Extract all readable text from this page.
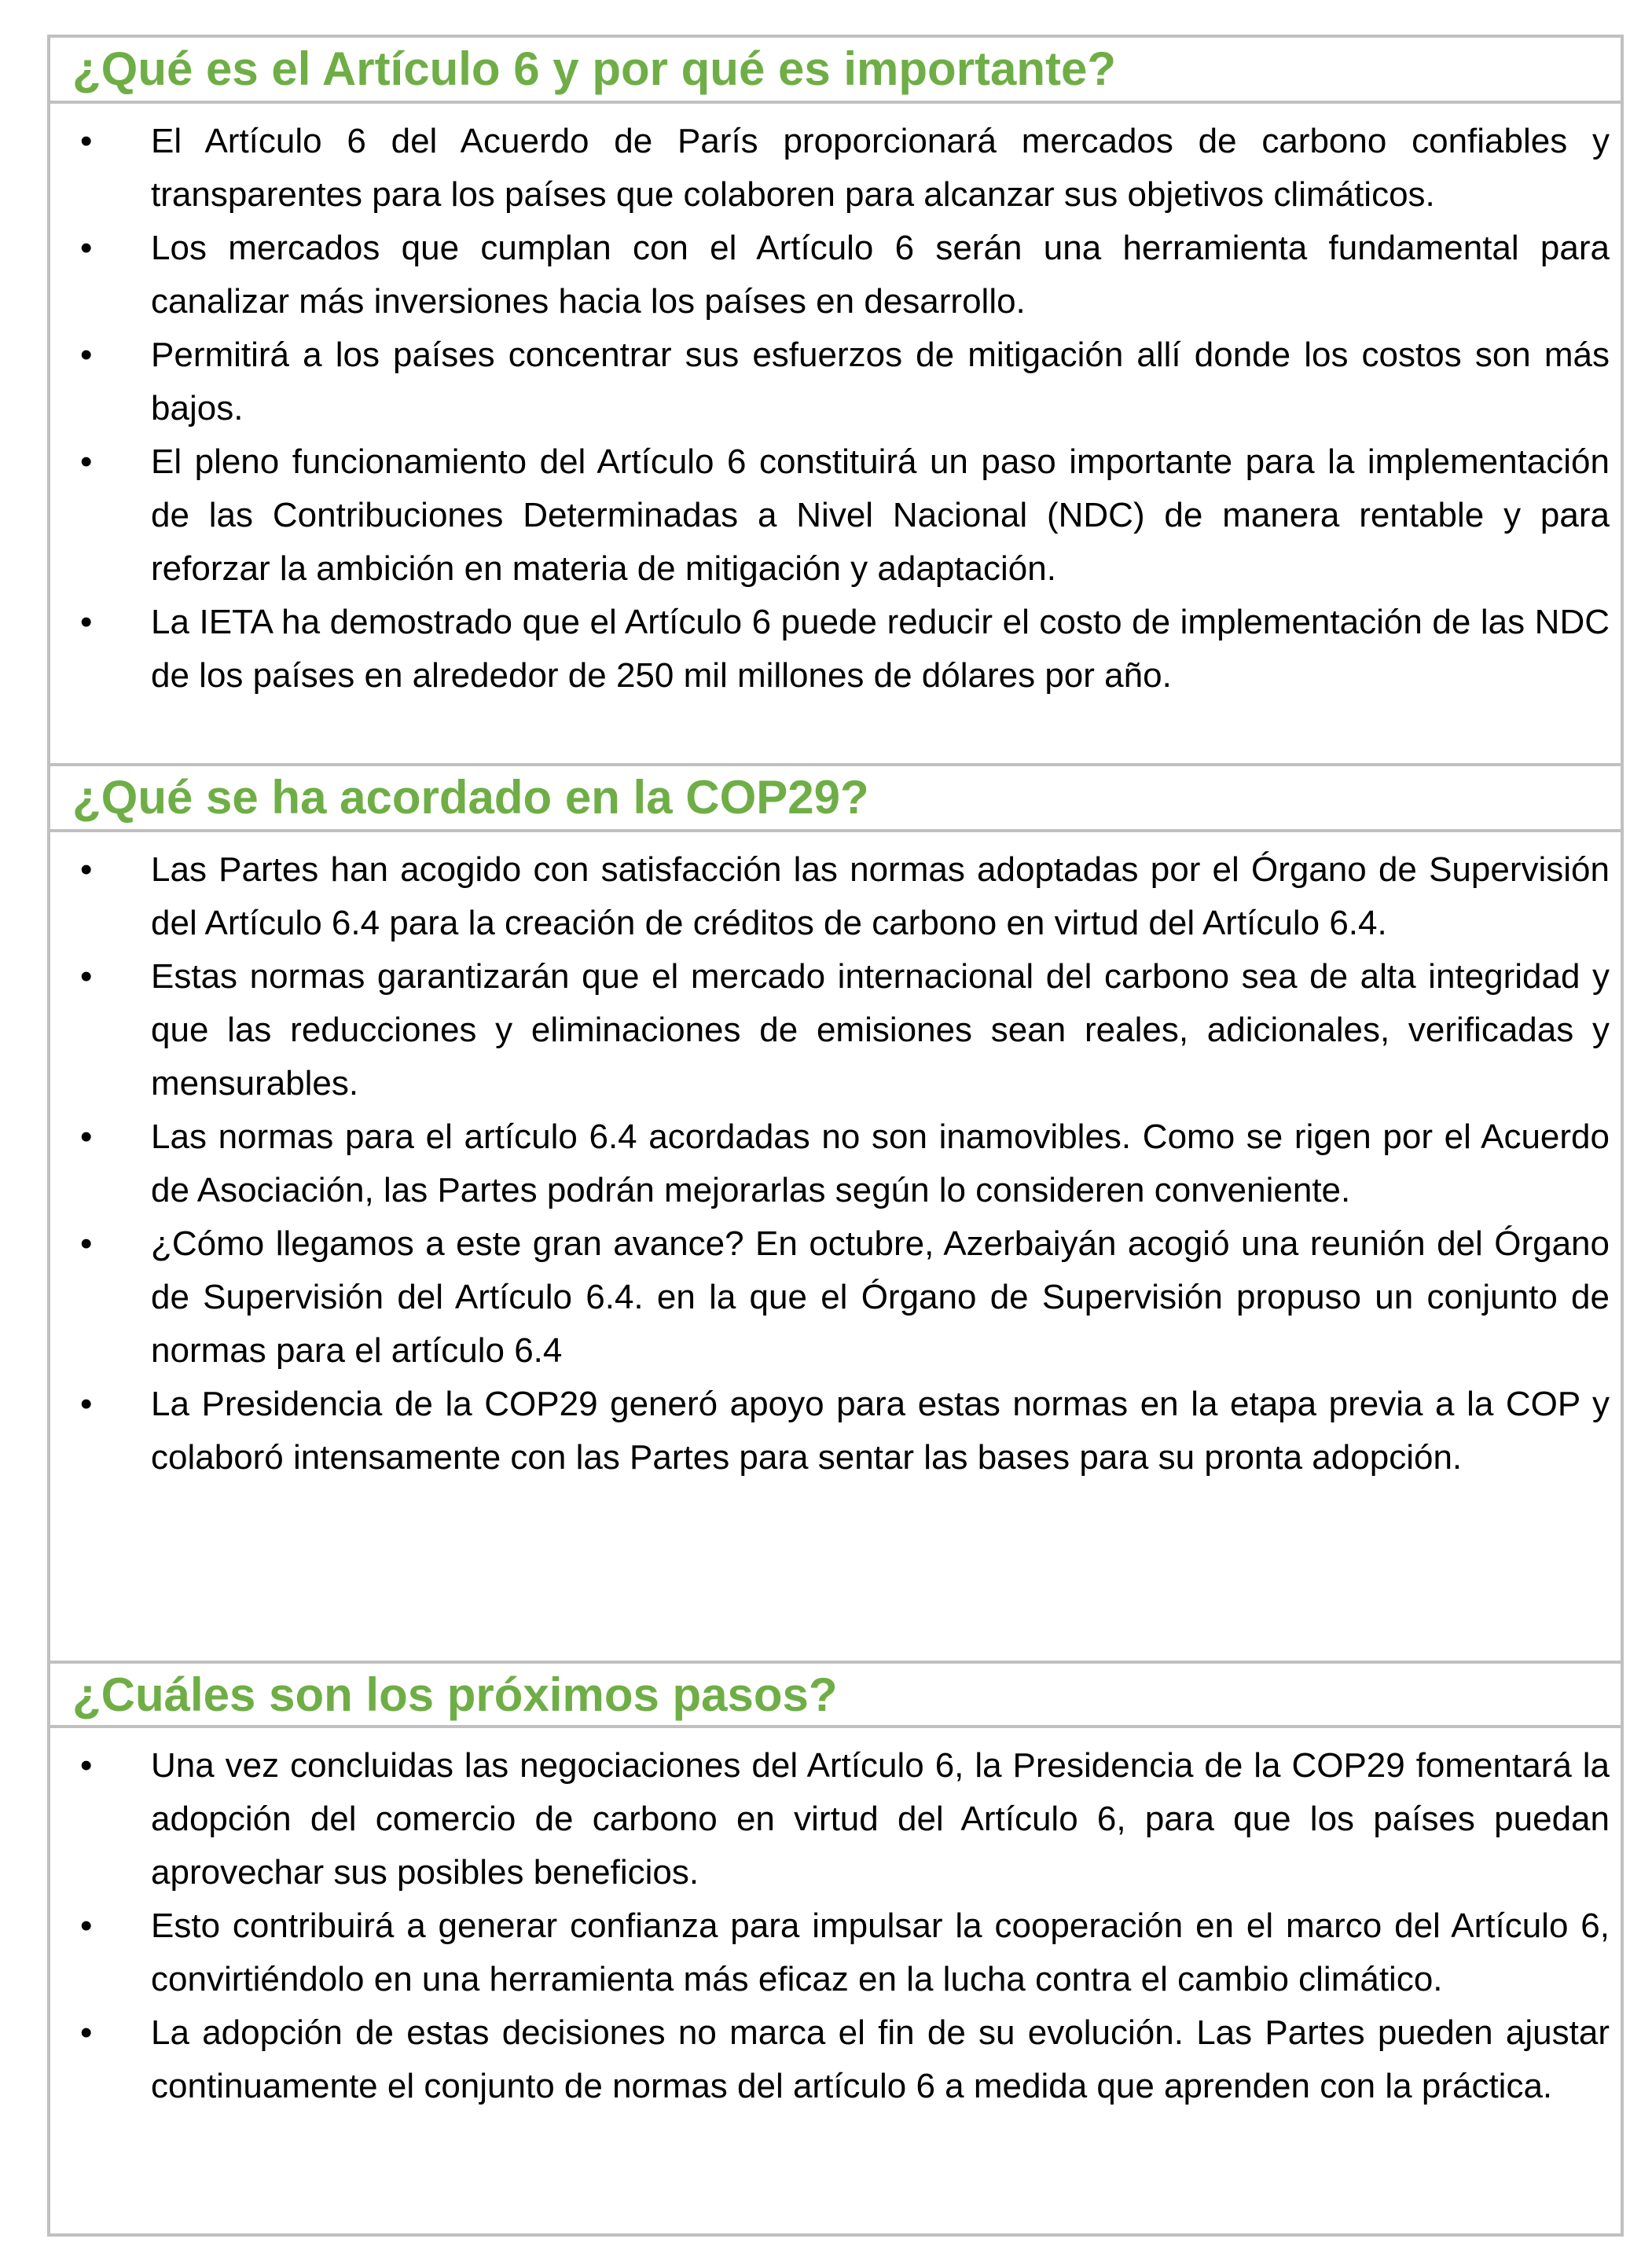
¿Qué es el Artículo 6 y por qué es importante?
• El Artículo 6 del Acuerdo de París proporcionará mercados de carbono confiables y transparentes para los países que colaboren para alcanzar sus objetivos climáticos.
• Los mercados que cumplan con el Artículo 6 serán una herramienta fundamental para canalizar más inversiones hacia los países en desarrollo.
• Permitirá a los países concentrar sus esfuerzos de mitigación allí donde los costos son más bajos.
• El pleno funcionamiento del Artículo 6 constituirá un paso importante para la implementación de las Contribuciones Determinadas a Nivel Nacional (NDC) de manera rentable y para reforzar la ambición en materia de mitigación y adaptación.
• La IETA ha demostrado que el Artículo 6 puede reducir el costo de implementación de las NDC de los países en alrededor de 250 mil millones de dólares por año.
¿Qué se ha acordado en la COP29?
• Las Partes han acogido con satisfacción las normas adoptadas por el Órgano de Supervisión del Artículo 6.4 para la creación de créditos de carbono en virtud del Artículo 6.4.
• Estas normas garantizarán que el mercado internacional del carbono sea de alta integridad y que las reducciones y eliminaciones de emisiones sean reales, adicionales, verificadas y mensurables.
• Las normas para el artículo 6.4 acordadas no son inamovibles. Como se rigen por el Acuerdo de Asociación, las Partes podrán mejorarlas según lo consideren conveniente.
• ¿Cómo llegamos a este gran avance? En octubre, Azerbaiyán acogió una reunión del Órgano de Supervisión del Artículo 6.4. en la que el Órgano de Supervisión propuso un conjunto de normas para el artículo 6.4
• La Presidencia de la COP29 generó apoyo para estas normas en la etapa previa a la COP y colaboró intensamente con las Partes para sentar las bases para su pronta adopción.
¿Cuáles son los próximos pasos?
• Una vez concluidas las negociaciones del Artículo 6, la Presidencia de la COP29 fomentará la adopción del comercio de carbono en virtud del Artículo 6, para que los países puedan aprovechar sus posibles beneficios.
• Esto contribuirá a generar confianza para impulsar la cooperación en el marco del Artículo 6, convirtiéndolo en una herramienta más eficaz en la lucha contra el cambio climático.
• La adopción de estas decisiones no marca el fin de su evolución. Las Partes pueden ajustar continuamente el conjunto de normas del artículo 6 a medida que aprenden con la práctica.
